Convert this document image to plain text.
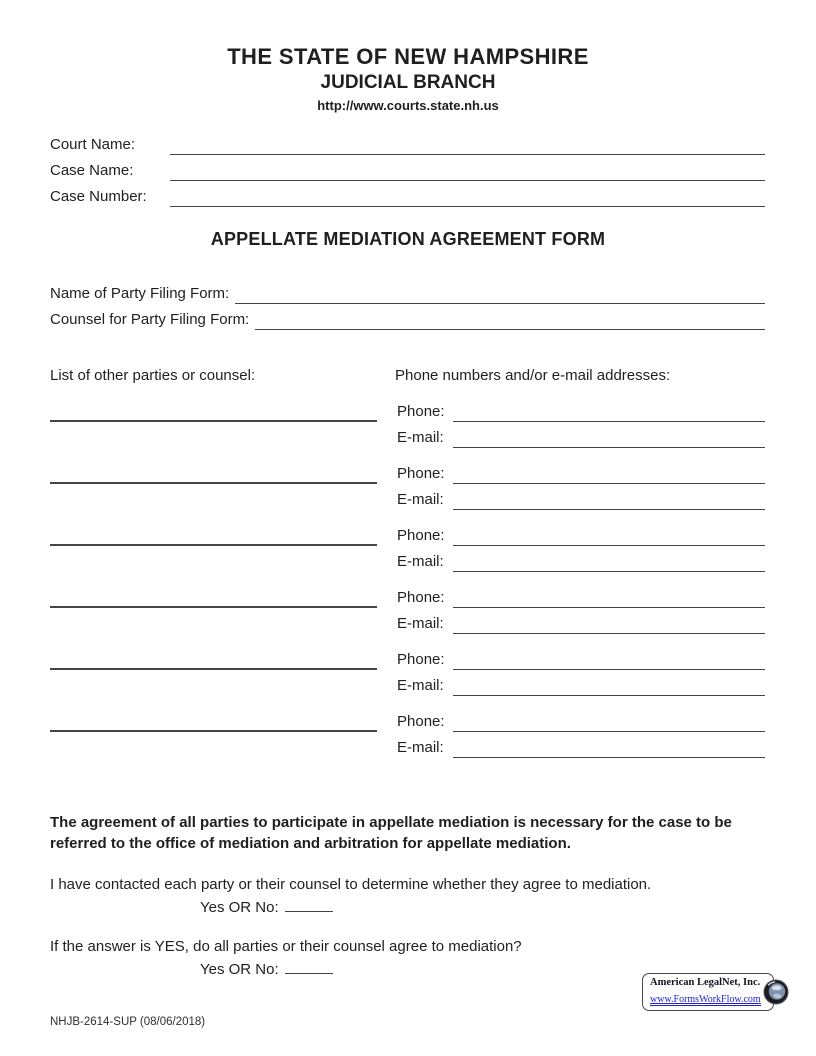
THE STATE OF NEW HAMPSHIRE
JUDICIAL BRANCH
http://www.courts.state.nh.us
Court Name:
Case Name:
Case Number:
APPELLATE MEDIATION AGREEMENT FORM
Name of Party Filing Form:
Counsel for Party Filing Form:
List of other parties or counsel:	Phone numbers and/or e-mail addresses:
Phone:
E-mail:
Phone:
E-mail:
Phone:
E-mail:
Phone:
E-mail:
Phone:
E-mail:
Phone:
E-mail:
The agreement of all parties to participate in appellate mediation is necessary for the case to be referred to the office of mediation and arbitration for appellate mediation.
I have contacted each party or their counsel to determine whether they agree to mediation.
Yes OR No:
If the answer is YES, do all parties or their counsel agree to mediation?
Yes OR No:
American LegalNet, Inc.
www.FormsWorkFlow.com
NHJB-2614-SUP (08/06/2018)
